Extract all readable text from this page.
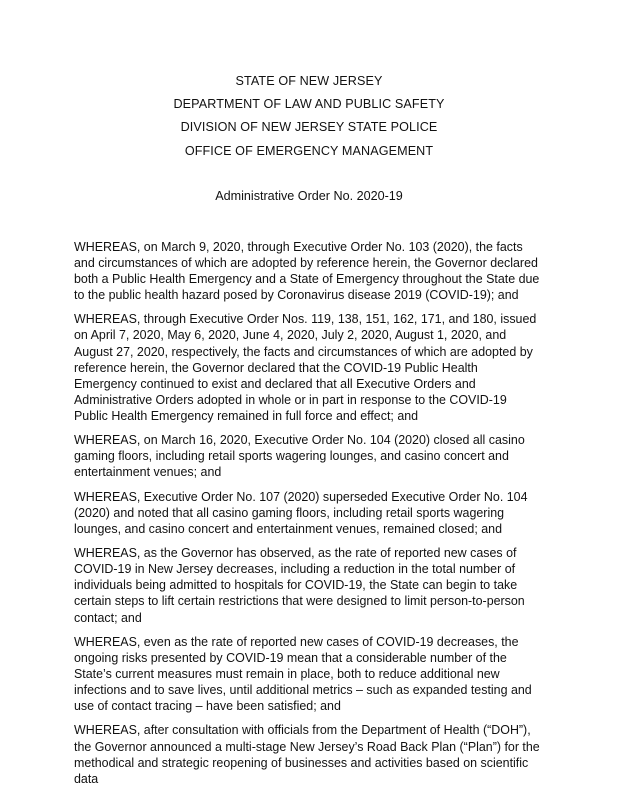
STATE OF NEW JERSEY
DEPARTMENT OF LAW AND PUBLIC SAFETY
DIVISION OF NEW JERSEY STATE POLICE
OFFICE OF EMERGENCY MANAGEMENT
Administrative Order No. 2020-19

WHEREAS, on March 9, 2020, through Executive Order No. 103 (2020), the facts and circumstances of which are adopted by reference herein, the Governor declared both a Public Health Emergency and a State of Emergency throughout the State due to the public health hazard posed by Coronavirus disease 2019 (COVID-19); and

WHEREAS, through Executive Order Nos. 119, 138, 151, 162, 171, and 180, issued on April 7, 2020, May 6, 2020, June 4, 2020, July 2, 2020, August 1, 2020, and August 27, 2020, respectively, the facts and circumstances of which are adopted by reference herein, the Governor declared that the COVID-19 Public Health Emergency continued to exist and declared that all Executive Orders and Administrative Orders adopted in whole or in part in response to the COVID-19 Public Health Emergency remained in full force and effect; and

WHEREAS, on March 16, 2020, Executive Order No. 104 (2020) closed all casino gaming floors, including retail sports wagering lounges, and casino concert and entertainment venues; and

WHEREAS, Executive Order No. 107 (2020) superseded Executive Order No. 104 (2020) and noted that all casino gaming floors, including retail sports wagering lounges, and casino concert and entertainment venues, remained closed; and

WHEREAS, as the Governor has observed, as the rate of reported new cases of COVID-19 in New Jersey decreases, including a reduction in the total number of individuals being admitted to hospitals for COVID-19, the State can begin to take certain steps to lift certain restrictions that were designed to limit person-to-person contact; and

WHEREAS, even as the rate of reported new cases of COVID-19 decreases, the ongoing risks presented by COVID-19 mean that a considerable number of the State’s current measures must remain in place, both to reduce additional new infections and to save lives, until additional metrics – such as expanded testing and use of contact tracing – have been satisfied; and

WHEREAS, after consultation with officials from the Department of Health (“DOH”), the Governor announced a multi-stage New Jersey’s Road Back Plan (“Plan”) for the methodical and strategic reopening of businesses and activities based on scientific data
